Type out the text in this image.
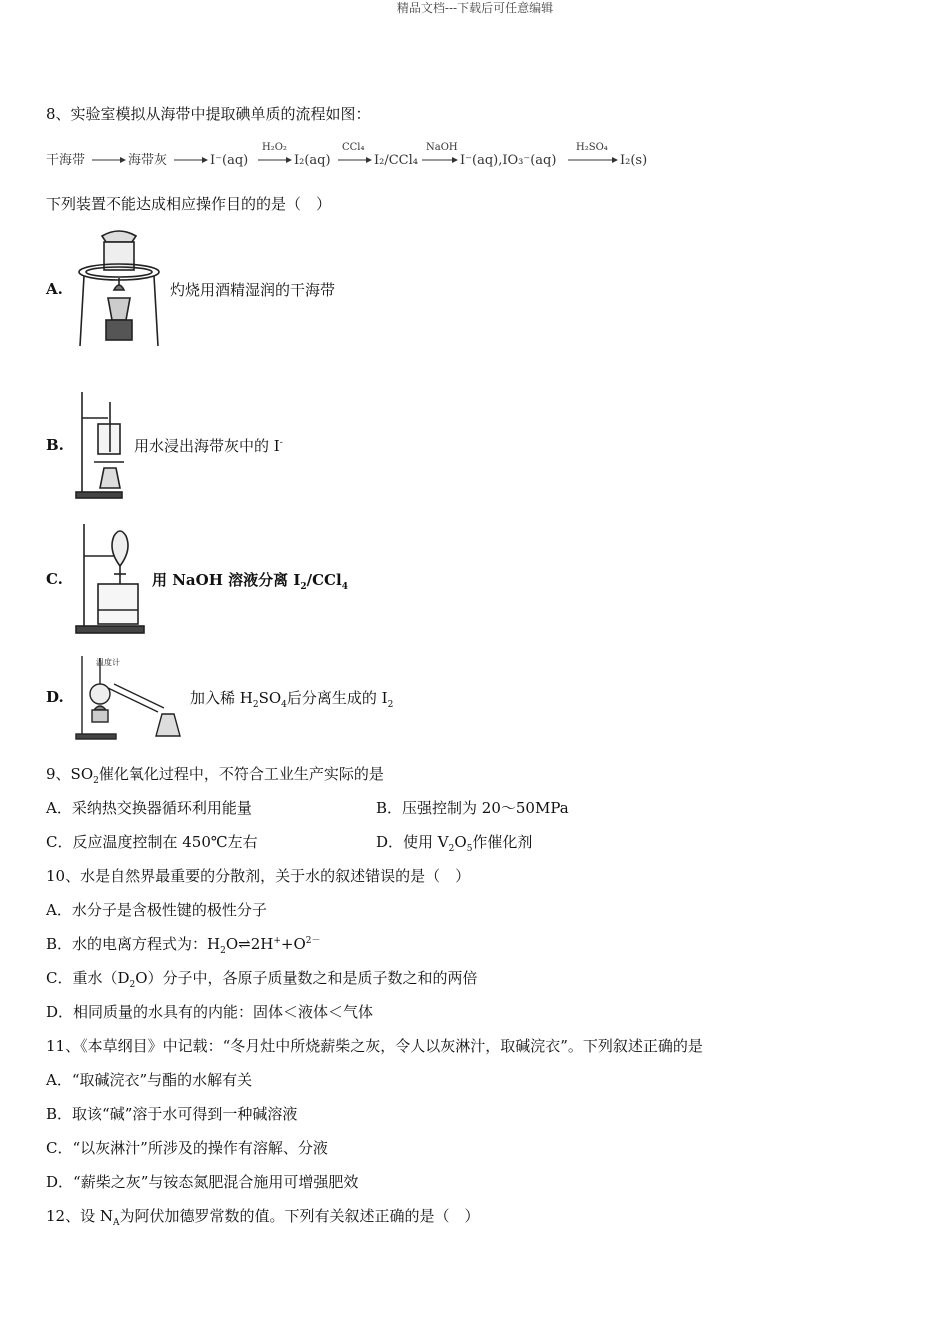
精品文档---下载后可任意编辑
8、实验室模拟从海带中提取碘单质的流程如图：
干海带	海带灰	I⁻(aq)
H₂O₂
I₂(aq)
CCl₄
I₂/CCl₄
NaOH
I⁻(aq),IO₃⁻(aq)
H₂SO₄
I₂(s)
下列装置不能达成相应操作目的的是（　）
A.	灼烧用酒精湿润的干海带
B.	用水浸出海带灰中的 I-
C.	用 NaOH 溶液分离 $I_2/CCl_4$
D.
温度计
加入稀 $H_2SO_4$后分离生成的 $I_2$
9、$SO_2$催化氧化过程中，不符合工业生产实际的是
A．采纳热交换器循环利用能量	B．压强控制为 20～50MPa
C．反应温度控制在 450℃左右	D．使用 $V_2O_5$作催化剂
10、水是自然界最重要的分散剂，关于水的叙述错误的是（　）
A．水分子是含极性键的极性分子
B．水的电离方程式为：$H_2O\rightleftharpoons 2H^++O^{2-}$
C．重水$(D_2O)$分子中，各原子质量数之和是质子数之和的两倍
D．相同质量的水具有的内能：固体＜液体＜气体
11、《本草纲目》中记载：“冬月灶中所烧薪柴之灰，令人以灰淋汁，取碱浣衣”。下列叙述正确的是
A．“取碱浣衣”与酯的水解有关
B．取该“碱”溶于水可得到一种碱溶液
C．“以灰淋汁”所涉及的操作有溶解、分液
D．“薪柴之灰”与铵态氮肥混合施用可增强肥效
12、设 $N_A$为阿伏加德罗常数的值。下列有关叙述正确的是（　）
